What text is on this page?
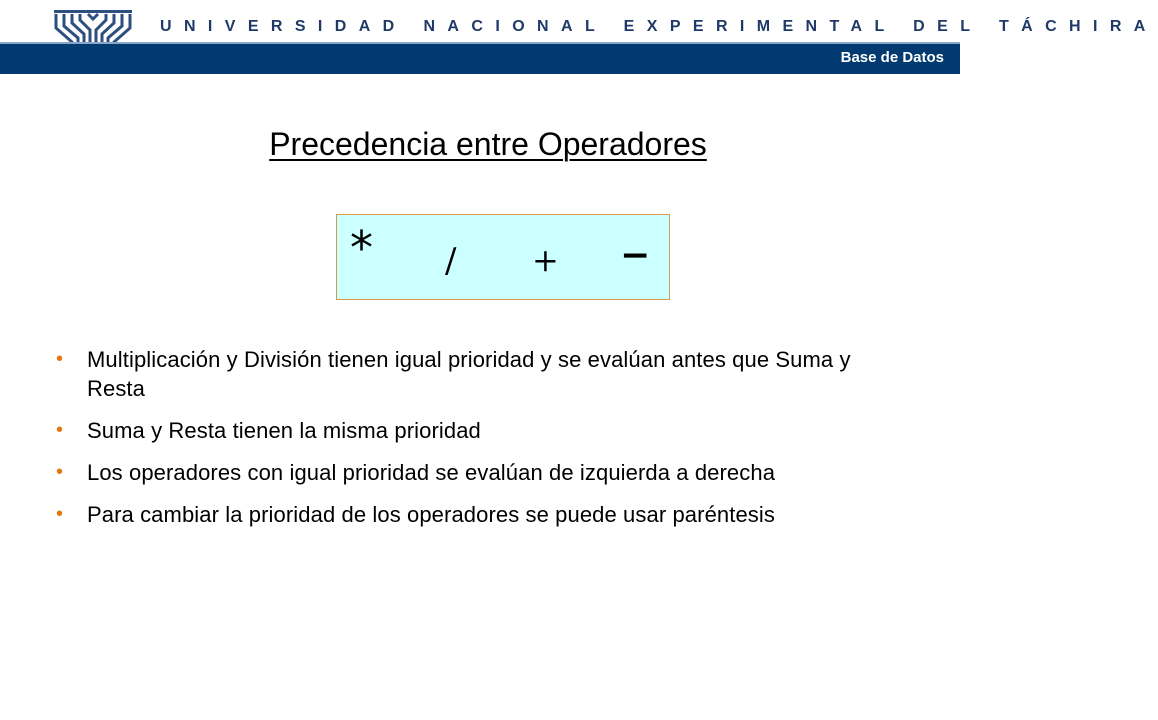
UNIVERSIDAD NACIONAL EXPERIMENTAL DEL TÁCHIRA
Base de Datos
Precedencia entre Operadores
* / + −
• Multiplicación y División tienen igual prioridad y se evalúan antes que Suma y Resta
• Suma y Resta tienen la misma prioridad
• Los operadores con igual prioridad se evalúan de izquierda a derecha
• Para cambiar la prioridad de los operadores se puede usar paréntesis
